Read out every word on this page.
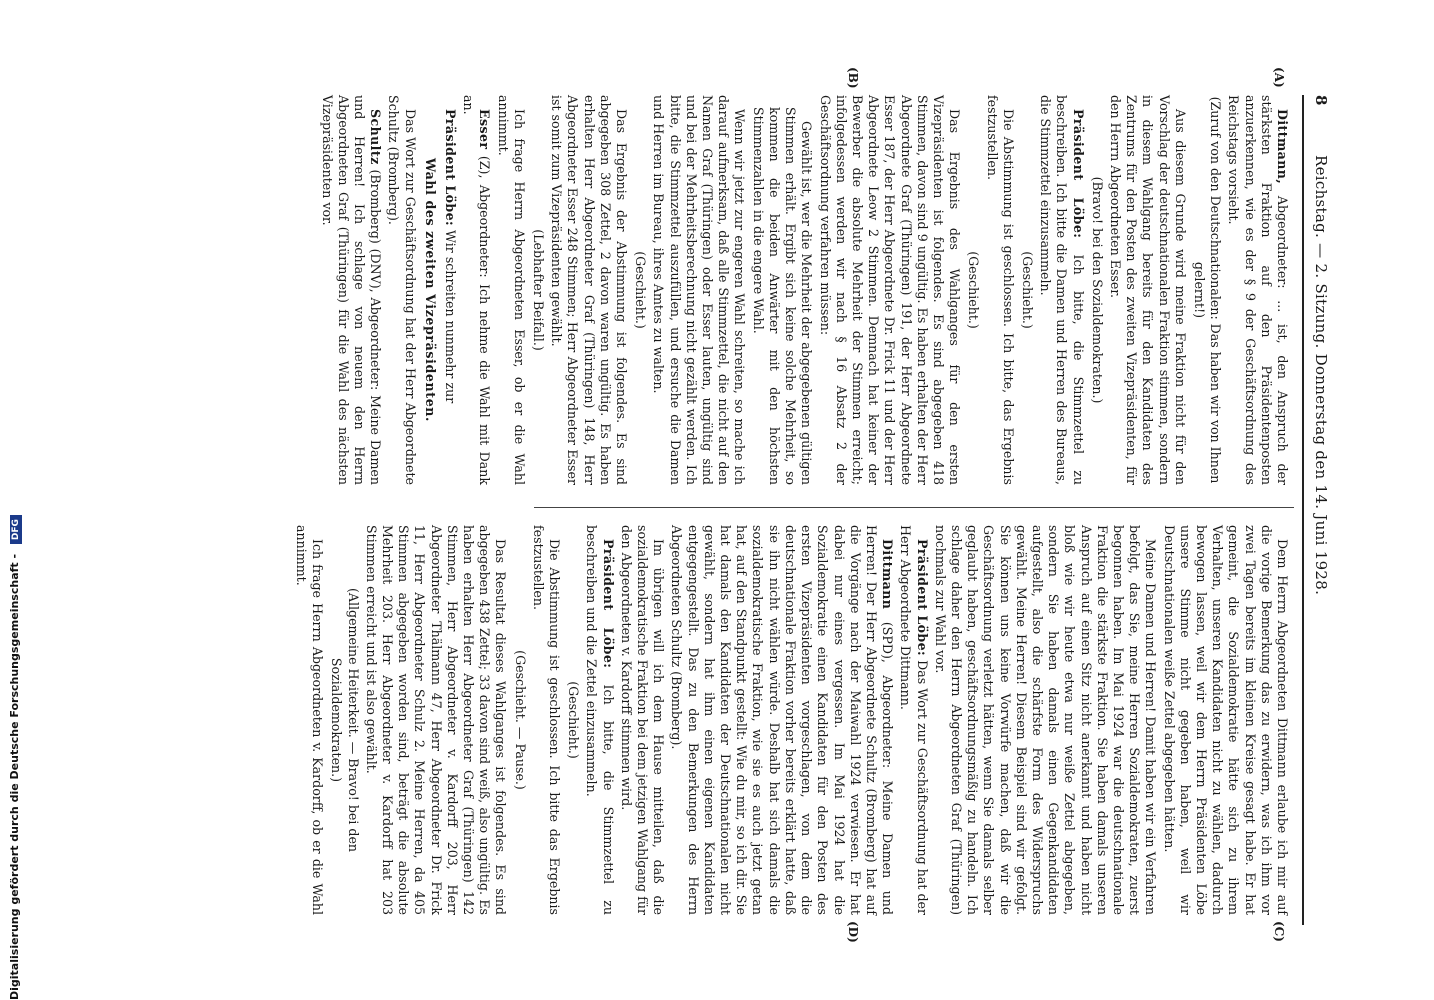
8
Reichstag. — 2. Sitzung. Donnerstag den 14. Juni 1928.
(A)
(B)
(C)
(D)

Dittmann, Abgeordneter: ... ist, den Anspruch der stärksten Fraktion auf den Präsidentenposten anzuerkennen, wie es der § 9 der Geschäftsordnung des Reichstags vorsieht.

(Zuruf von den Deutschnationalen: Das haben wir von Ihnen gelernt!)

Aus diesem Grunde wird meine Fraktion nicht für den Vorschlag der deutschnationalen Fraktion stimmen, sondern in diesem Wahlgang bereits für den Kandidaten des Zentrums für den Posten des zweiten Vizepräsidenten, für den Herrn Abgeordneten Esser.

(Bravo! bei den Sozialdemokraten.)

Präsident Löbe: Ich bitte, die Stimmzettel zu beschreiben. Ich bitte die Damen und Herren des Bureaus, die Stimmzettel einzusammeln.

(Geschieht.)

Die Abstimmung ist geschlossen. Ich bitte, das Ergebnis festzustellen.

(Geschieht.)

Das Ergebnis des Wahlganges für den ersten Vizepräsidenten ist folgendes. Es sind abgegeben 418 Stimmen, davon sind 9 ungültig. Es haben erhalten der Herr Abgeordnete Graf (Thüringen) 191, der Herr Abgeordnete Esser 187, der Herr Abgeordnete Dr. Frick 11 und der Herr Abgeordnete Leow 2 Stimmen. Demnach hat keiner der Bewerber die absolute Mehrheit der Stimmen erreicht; infolgedessen werden wir nach § 16 Absatz 2 der Geschäftsordnung verfahren müssen:

Gewählt ist, wer die Mehrheit der abgegebenen gültigen Stimmen erhält. Ergibt sich keine solche Mehrheit, so kommen die beiden Anwärter mit den höchsten Stimmenzahlen in die engere Wahl.

Wenn wir jetzt zur engeren Wahl schreiten, so mache ich darauf aufmerksam, daß alle Stimmzettel, die nicht auf den Namen Graf (Thüringen) oder Esser lauten, ungültig sind und bei der Mehrheitsberechnung nicht gezählt werden. Ich bitte, die Stimmzettel auszufüllen, und ersuche die Damen und Herren im Bureau, ihres Amtes zu walten.

(Geschieht.)

Das Ergebnis der Abstimmung ist folgendes. Es sind abgegeben 308 Zettel, 2 davon waren ungültig. Es haben erhalten Herr Abgeordneter Graf (Thüringen) 148, Herr Abgeordneter Esser 248 Stimmen; Herr Abgeordneter Esser ist somit zum Vizepräsidenten gewählt.

(Lebhafter Beifall.)

Ich frage Herrn Abgeordneten Esser, ob er die Wahl annimmt.

Esser (Z), Abgeordneter: Ich nehme die Wahl mit Dank an.

Präsident Löbe: Wir schreiten nunmehr zur

Wahl des zweiten Vizepräsidenten.

Das Wort zur Geschäftsordnung hat der Herr Abgeordnete Schultz (Bromberg).

Schultz (Bromberg) (DNV), Abgeordneter: Meine Damen und Herren! Ich schlage von neuem den Herrn Abgeordneten Graf (Thüringen) für die Wahl des nächsten Vizepräsidenten vor.

Dem Herrn Abgeordneten Dittmann erlaube ich mir auf die vorige Bemerkung das zu erwidern, was ich ihm vor zwei Tagen bereits im kleinen Kreise gesagt habe. Er hat gemeint, die Sozialdemokratie hätte sich zu ihrem Verhalten, unseren Kandidaten nicht zu wählen, dadurch bewogen lassen, weil wir dem Herrn Präsidenten Löbe unsere Stimme nicht gegeben haben, weil wir Deutschnationalen weiße Zettel abgegeben hätten.

Meine Damen und Herren! Damit haben wir ein Verfahren befolgt, das Sie, meine Herren Sozialdemokraten, zuerst begonnen haben. Im Mai 1924 war die deutschnationale Fraktion die stärkste Fraktion. Sie haben damals unseren Anspruch auf einen Sitz nicht anerkannt und haben nicht bloß wie wir heute etwa nur weiße Zettel abgegeben, sondern Sie haben damals einen Gegenkandidaten aufgestellt, also die schärfste Form des Widerspruchs gewählt. Meine Herren! Diesem Beispiel sind wir gefolgt. Sie können uns keine Vorwürfe machen, daß wir die Geschäftsordnung verletzt hätten, wenn Sie damals selber geglaubt haben, geschäftsordnungsmäßig zu handeln. Ich schlage daher den Herrn Abgeordneten Graf (Thüringen) nochmals zur Wahl vor.

Präsident Löbe: Das Wort zur Geschäftsordnung hat der Herr Abgeordnete Dittmann.

Dittmann (SPD), Abgeordneter: Meine Damen und Herren! Der Herr Abgeordnete Schultz (Bromberg) hat auf die Vorgänge nach der Maiwahl 1924 verwiesen. Er hat dabei nur eines vergessen. Im Mai 1924 hat die Sozialdemokratie einen Kandidaten für den Posten des ersten Vizepräsidenten vorgeschlagen, von dem die deutschnationale Fraktion vorher bereits erklärt hatte, daß sie ihn nicht wählen würde. Deshalb hat sich damals die sozialdemokratische Fraktion, wie sie es auch jetzt getan hat, auf den Standpunkt gestellt: Wie du mir, so ich dir. Sie hat damals den Kandidaten der Deutschnationalen nicht gewählt, sondern hat ihm einen eigenen Kandidaten entgegengestellt. Das zu den Bemerkungen des Herrn Abgeordneten Schultz (Bromberg).

Im übrigen will ich dem Hause mitteilen, daß die sozialdemokratische Fraktion bei dem jetzigen Wahlgang für den Abgeordneten v. Kardorff stimmen wird.

Präsident Löbe: Ich bitte, die Stimmzettel zu beschreiben und die Zettel einzusammeln.

(Geschieht.)

Die Abstimmung ist geschlossen. Ich bitte das Ergebnis festzustellen.

(Geschieht. — Pause.)

Das Resultat dieses Wahlganges ist folgendes. Es sind abgegeben 438 Zettel; 33 davon sind weiß, also ungültig. Es haben erhalten Herr Abgeordneter Graf (Thüringen) 142 Stimmen, Herr Abgeordneter v. Kardorff 203, Herr Abgeordneter Thälmann 47, Herr Abgeordneter Dr. Frick 11, Herr Abgeordneter Schulz 2. Meine Herren, da 405 Stimmen abgegeben worden sind, beträgt die absolute Mehrheit 203. Herr Abgeordneter v. Kardorff hat 203 Stimmen erreicht und ist also gewählt.

(Allgemeine Heiterkeit. — Bravo! bei den Sozialdemokraten.)

Ich frage Herrn Abgeordneten v. Kardorff, ob er die Wahl annimmt.

Digitalisierung gefördert durch die Deutsche Forschungsgemeinschaft - DFG
